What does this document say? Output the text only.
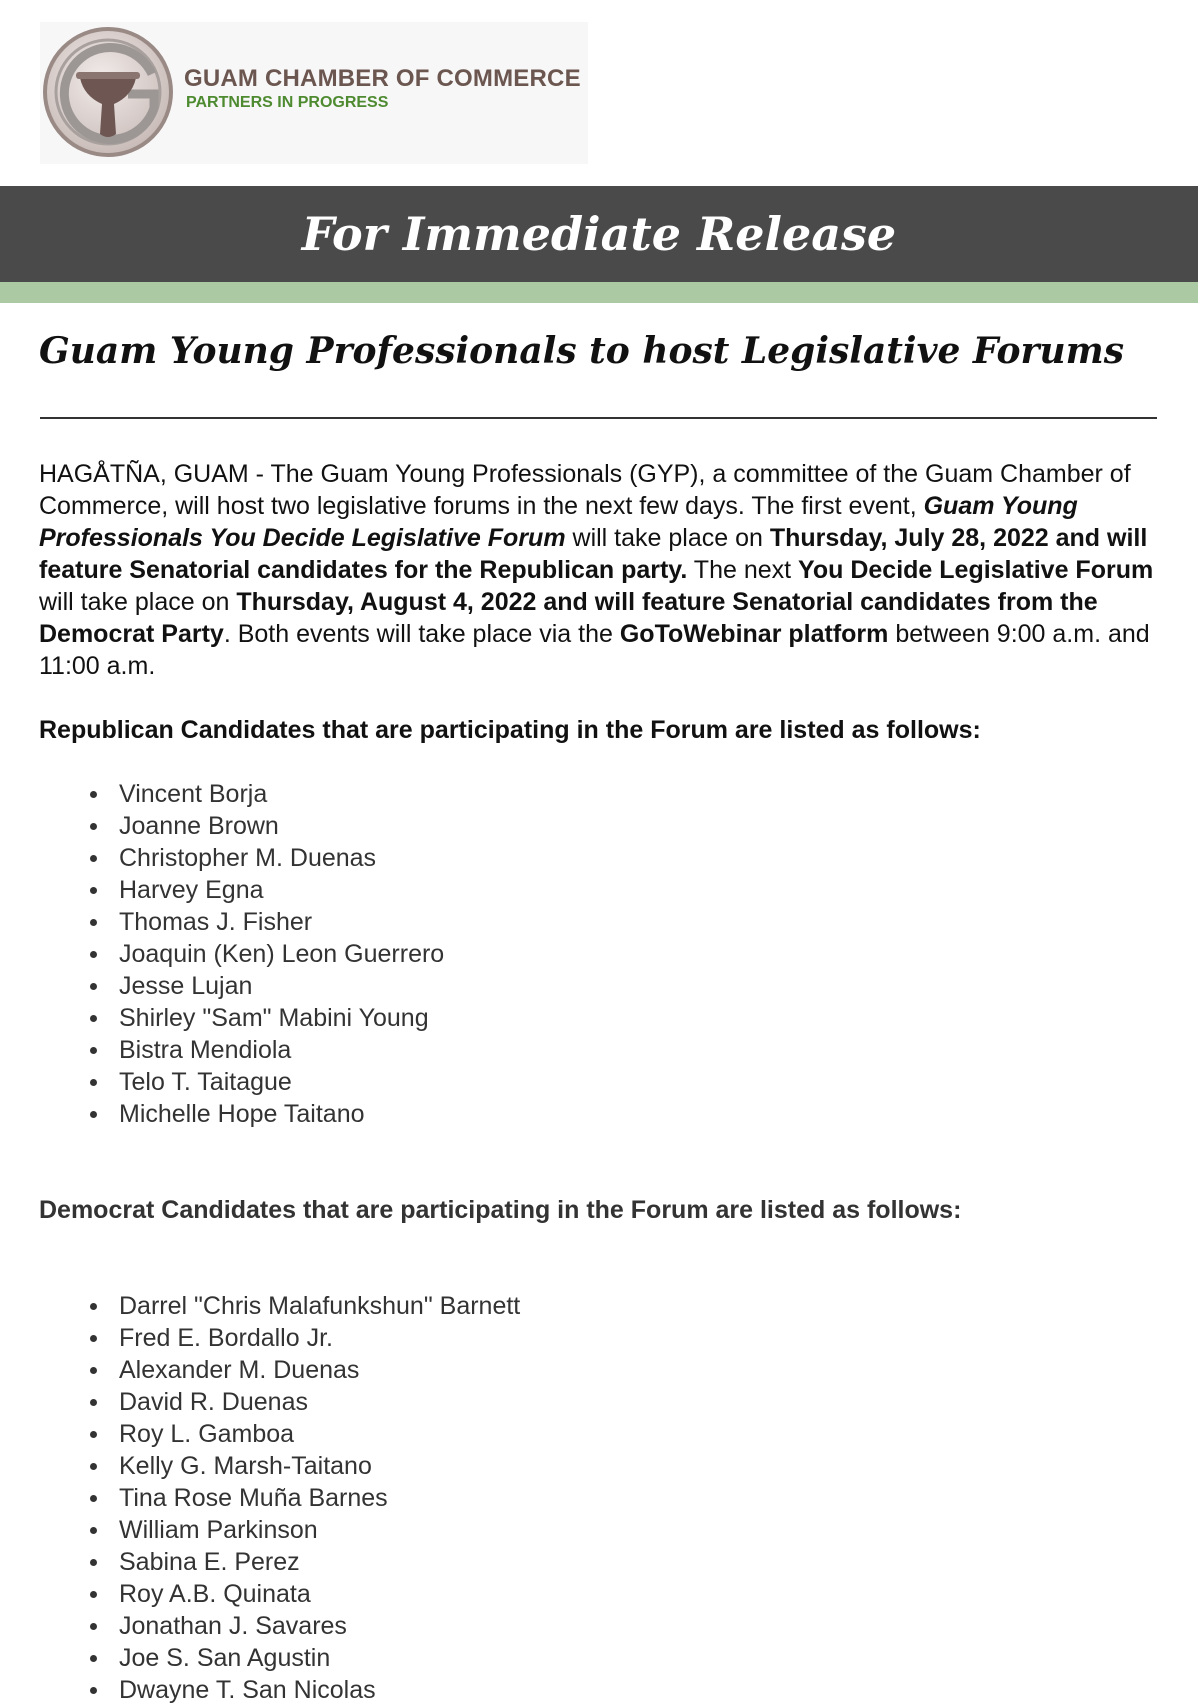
GUAM CHAMBER OF COMMERCE
PARTNERS IN PROGRESS
For Immediate Release
Guam Young Professionals to host Legislative Forums

HAGÅTÑA, GUAM - The Guam Young Professionals (GYP), a committee of the Guam Chamber of Commerce, will host two legislative forums in the next few days. The first event, Guam Young Professionals You Decide Legislative Forum will take place on Thursday, July 28, 2022 and will feature Senatorial candidates for the Republican party. The next You Decide Legislative Forum will take place on Thursday, August 4, 2022 and will feature Senatorial candidates from the Democrat Party. Both events will take place via the GoToWebinar platform between 9:00 a.m. and 11:00 a.m.

Republican Candidates that are participating in the Forum are listed as follows:

Vincent Borja
Joanne Brown
Christopher M. Duenas
Harvey Egna
Thomas J. Fisher
Joaquin (Ken) Leon Guerrero
Jesse Lujan
Shirley "Sam" Mabini Young
Bistra Mendiola
Telo T. Taitague
Michelle Hope Taitano

Democrat Candidates that are participating in the Forum are listed as follows:

Darrel "Chris Malafunkshun" Barnett
Fred E. Bordallo Jr.
Alexander M. Duenas
David R. Duenas
Roy L. Gamboa
Kelly G. Marsh-Taitano
Tina Rose Muña Barnes
William Parkinson
Sabina E. Perez
Roy A.B. Quinata
Jonathan J. Savares
Joe S. San Agustin
Dwayne T. San Nicolas
